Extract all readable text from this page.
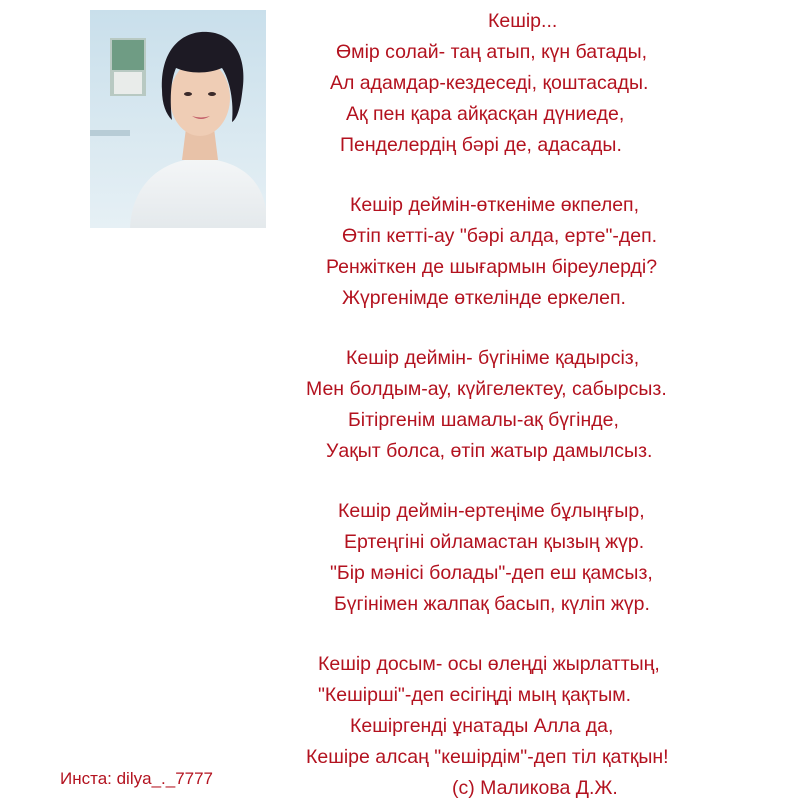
Кешір...
Өмір солай- таң атып, күн батады,
Ал адамдар-кездеседі, қоштасады.
Ақ пен қара айқасқан дүниеде,
Пенделердің бәрі де, адасады.
Кешір деймін-өткеніме өкпелеп,
Өтіп кетті-ау "бәрі алда, ерте"-деп.
Ренжіткен де шығармын біреулерді?
Жүргенімде өткелінде еркелеп.
Кешір деймін- бүгініме қадырсіз,
Мен болдым-ау, күйгелектеу, сабырсыз.
Бітіргенім шамалы-ақ бүгінде,
Уақыт болса, өтіп жатыр дамылсыз.
Кешір деймін-ертеңіме бұлыңғыр,
Ертеңгіні ойламастан қызың жүр.
"Бір мәнісі болады"-деп еш қамсыз,
Бүгінімен жалпақ басып, күліп жүр.
Кешір досым- осы өлеңді жырлаттың,
"Кешірші"-деп есігіңді мың қақтым.
Кешіргенді ұнатады Алла да,
Кешіре алсаң "кешірдім"-деп тіл қатқын!
(с) Маликова Д.Ж.
Инста: dilya_._7777
